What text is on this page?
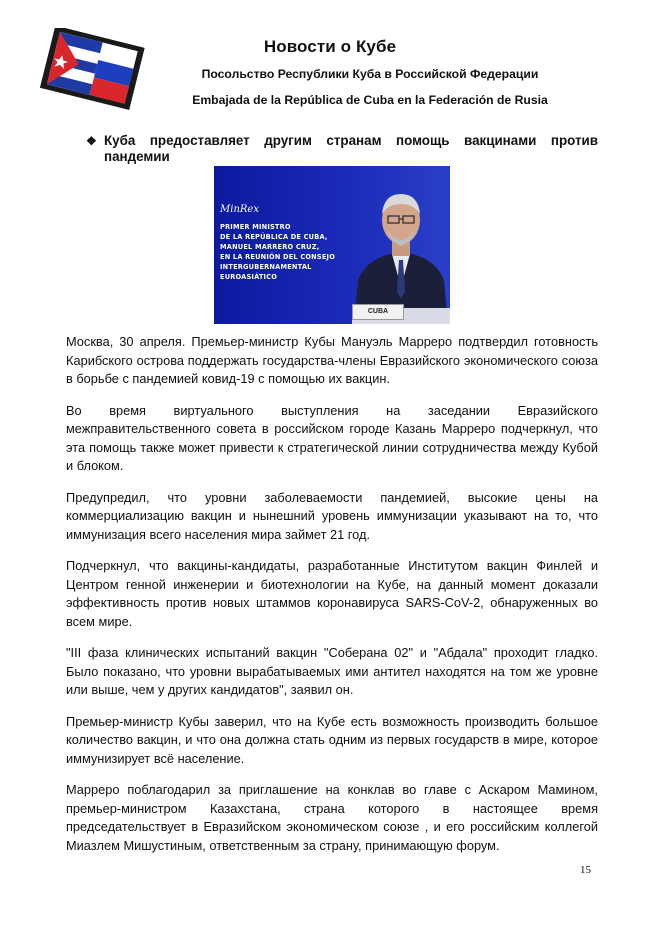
Новости о Кубе
Посольство Республики Куба в Российской Федерации
Embajada de la República de Cuba en la Federación de Rusia
❖ Куба предоставляет другим странам помощь вакцинами против пандемии
MinRex
PRIMER MINISTRO
DE LA REPÚBLICA DE CUBA,
MANUEL MARRERO CRUZ,
EN LA REUNIÓN DEL CONSEJO
INTERGUBERNAMENTAL
EUROASIÁTICO
CUBA

Москва, 30 апреля. Премьер-министр Кубы Мануэль Марреро подтвердил готовность Карибского острова поддержать государства-члены Евразийского экономического союза в борьбе с пандемией ковид-19 с помощью их вакцин.

Во время виртуального выступления на заседании Евразийского межправительственного совета в российском городе Казань Марреро подчеркнул, что эта помощь также может привести к стратегической линии сотрудничества между Кубой и блоком.

Предупредил, что уровни заболеваемости пандемией, высокие цены на коммерциализацию вакцин и нынешний уровень иммунизации указывают на то, что иммунизация всего населения мира займет 21 год.

Подчеркнул, что вакцины-кандидаты, разработанные Институтом вакцин Финлей и Центром генной инженерии и биотехнологии на Кубе, на данный момент доказали эффективность против новых штаммов коронавируса SARS-CoV-2, обнаруженных во всем мире.

"III фаза клинических испытаний вакцин "Соберана 02" и "Абдала" проходит гладко. Было показано, что уровни вырабатываемых ими антител находятся на том же уровне или выше, чем у других кандидатов", заявил он.

Премьер-министр Кубы заверил, что на Кубе есть возможность производить большое количество вакцин, и что она должна стать одним из первых государств в мире, которое иммунизирует всё население.

Марреро поблагодарил за приглашение на конклав во главе с Аскаром Мамином, премьер-министром Казахстана, страна которого в настоящее время председательствует в Евразийском экономическом союзе , и его российским коллегой Миазлем Мишустиным, ответственным за страну, принимающую форум.

15
